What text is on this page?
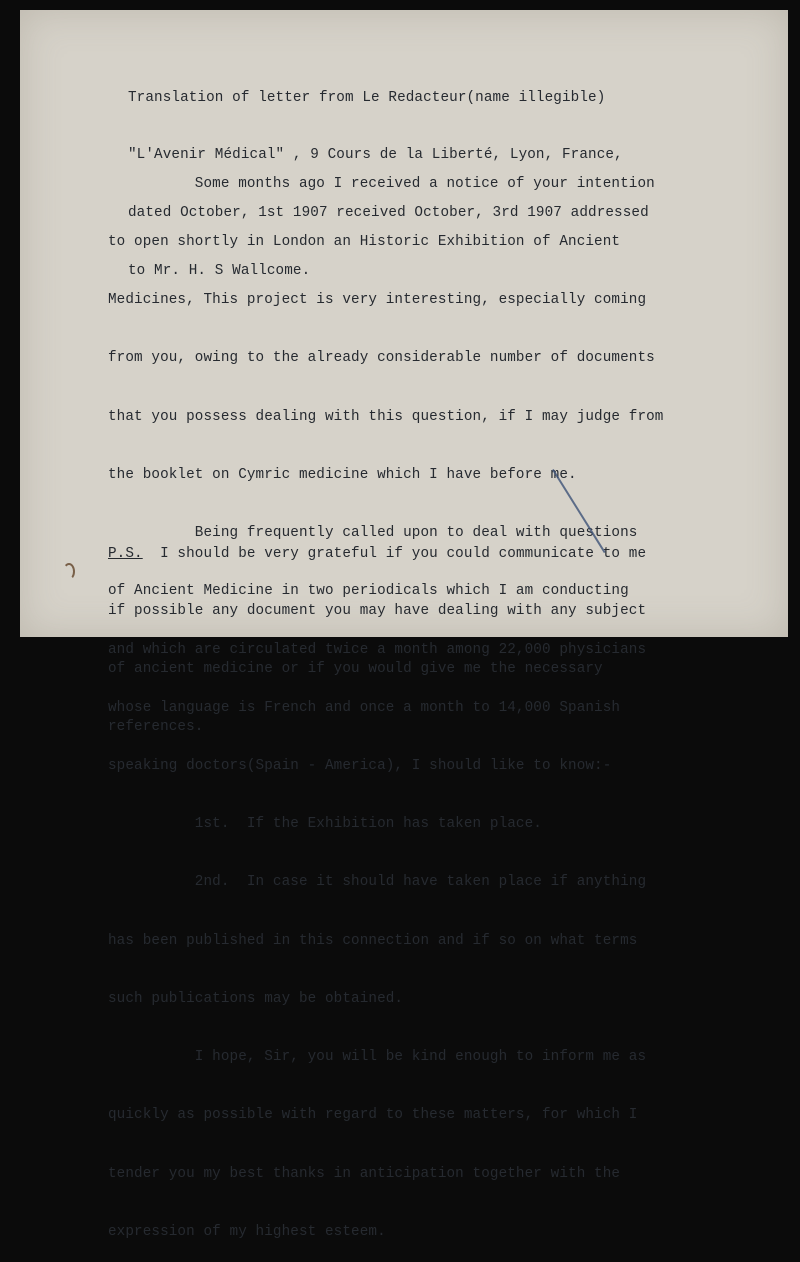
Translation of letter from Le Redacteur(name illegible)

"L'Avenir Médical" , 9 Cours de la Liberté, Lyon, France,

dated October, 1st 1907 received October, 3rd 1907 addressed

to Mr. H. S Wallcome.

Some months ago I received a notice of your intention

to open shortly in London an Historic Exhibition of Ancient

Medicines, This project is very interesting, especially coming

from you, owing to the already considerable number of documents

that you possess dealing with this question, if I may judge from

the booklet on Cymric medicine which I have before me.

Being frequently called upon to deal with questions

of Ancient Medicine in two periodicals which I am conducting

and which are circulated twice a month among 22,000 physicians

whose language is French and once a month to 14,000 Spanish

speaking doctors(Spain - America), I should like to know:-

1st.  If the Exhibition has taken place.

2nd.  In case it should have taken place if anything

has been published in this connection and if so on what terms

such publications may be obtained.

I hope, Sir, you will be kind enough to inform me as

quickly as possible with regard to these matters, for which I

tender you my best thanks in anticipation together with the

expression of my highest esteem.

P.S.  I should be very grateful if you could communicate to me

if possible any document you may have dealing with any subject

of ancient medicine or if you would give me the necessary

references.
